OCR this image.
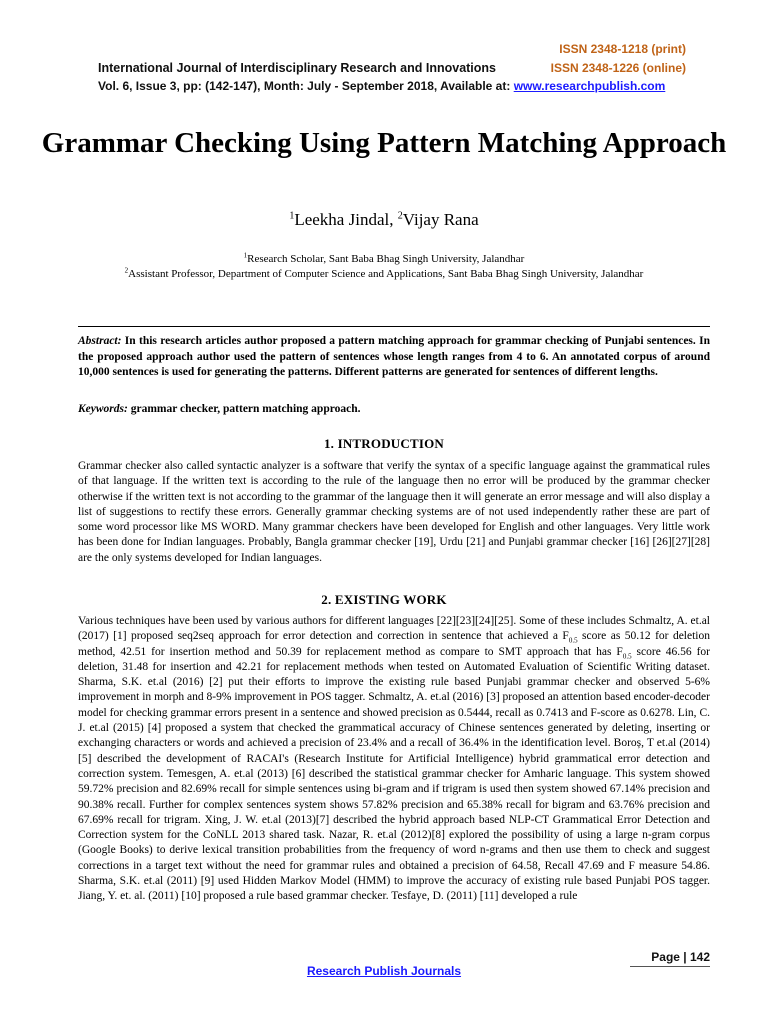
ISSN 2348-1218 (print)
International Journal of Interdisciplinary Research and Innovations	ISSN 2348-1226 (online)
Vol. 6, Issue 3, pp: (142-147), Month: July - September 2018, Available at: www.researchpublish.com
Grammar Checking Using Pattern Matching Approach
$^1$Leekha Jindal, $^2$Vijay Rana
$^1$Research Scholar, Sant Baba Bhag Singh University, Jalandhar
$^2$Assistant Professor, Department of Computer Science and Applications, Sant Baba Bhag Singh University, Jalandhar
Abstract: In this research articles author proposed a pattern matching approach for grammar checking of Punjabi sentences. In the proposed approach author used the pattern of sentences whose length ranges from 4 to 6. An annotated corpus of around 10,000 sentences is used for generating the patterns. Different patterns are generated for sentences of different lengths.
Keywords: grammar checker, pattern matching approach.
1. INTRODUCTION
Grammar checker also called syntactic analyzer is a software that verify the syntax of a specific language against the grammatical rules of that language. If the written text is according to the rule of the language then no error will be produced by the grammar checker otherwise if the written text is not according to the grammar of the language then it will generate an error message and will also display a list of suggestions to rectify these errors. Generally grammar checking systems are of not used independently rather these are part of some word processor like MS WORD. Many grammar checkers have been developed for English and other languages. Very little work has been done for Indian languages. Probably, Bangla grammar checker [19], Urdu [21] and Punjabi grammar checker [16] [26][27][28] are the only systems developed for Indian languages.
2. EXISTING WORK
Various techniques have been used by various authors for different languages [22][23][24][25]. Some of these includes Schmaltz, A. et.al (2017) [1] proposed seq2seq approach for error detection and correction in sentence that achieved a $F_{0.5}$ score as 50.12 for deletion method, 42.51 for insertion method and 50.39 for replacement method as compare to SMT approach that has $F_{0.5}$ score 46.56 for deletion, 31.48 for insertion and 42.21 for replacement methods when tested on Automated Evaluation of Scientific Writing dataset. Sharma, S.K. et.al (2016) [2] put their efforts to improve the existing rule based Punjabi grammar checker and observed 5-6% improvement in morph and 8-9% improvement in POS tagger. Schmaltz, A. et.al (2016) [3] proposed an attention based encoder-decoder model for checking grammar errors present in a sentence and showed precision as 0.5444, recall as 0.7413 and F-score as 0.6278. Lin, C. J. et.al (2015) [4] proposed a system that checked the grammatical accuracy of Chinese sentences generated by deleting, inserting or exchanging characters or words and achieved a precision of 23.4% and a recall of 36.4% in the identification level. Boroș, T et.al (2014) [5] described the development of RACAI's (Research Institute for Artificial Intelligence) hybrid grammatical error detection and correction system. Temesgen, A. et.al (2013) [6] described the statistical grammar checker for Amharic language. This system showed 59.72% precision and 82.69% recall for simple sentences using bi-gram and if trigram is used then system showed 67.14% precision and 90.38% recall. Further for complex sentences system shows 57.82% precision and 65.38% recall for bigram and 63.76% precision and 67.69% recall for trigram. Xing, J. W. et.al (2013)[7] described the hybrid approach based NLP-CT Grammatical Error Detection and Correction system for the CoNLL 2013 shared task. Nazar, R. et.al (2012)[8] explored the possibility of using a large n-gram corpus (Google Books) to derive lexical transition probabilities from the frequency of word n-grams and then use them to check and suggest corrections in a target text without the need for grammar rules and obtained a precision of 64.58, Recall 47.69 and F measure 54.86. Sharma, S.K. et.al (2011) [9] used Hidden Markov Model (HMM) to improve the accuracy of existing rule based Punjabi POS tagger. Jiang, Y. et. al. (2011) [10] proposed a rule based grammar checker. Tesfaye, D. (2011) [11] developed a rule
Page | 142
Research Publish Journals
